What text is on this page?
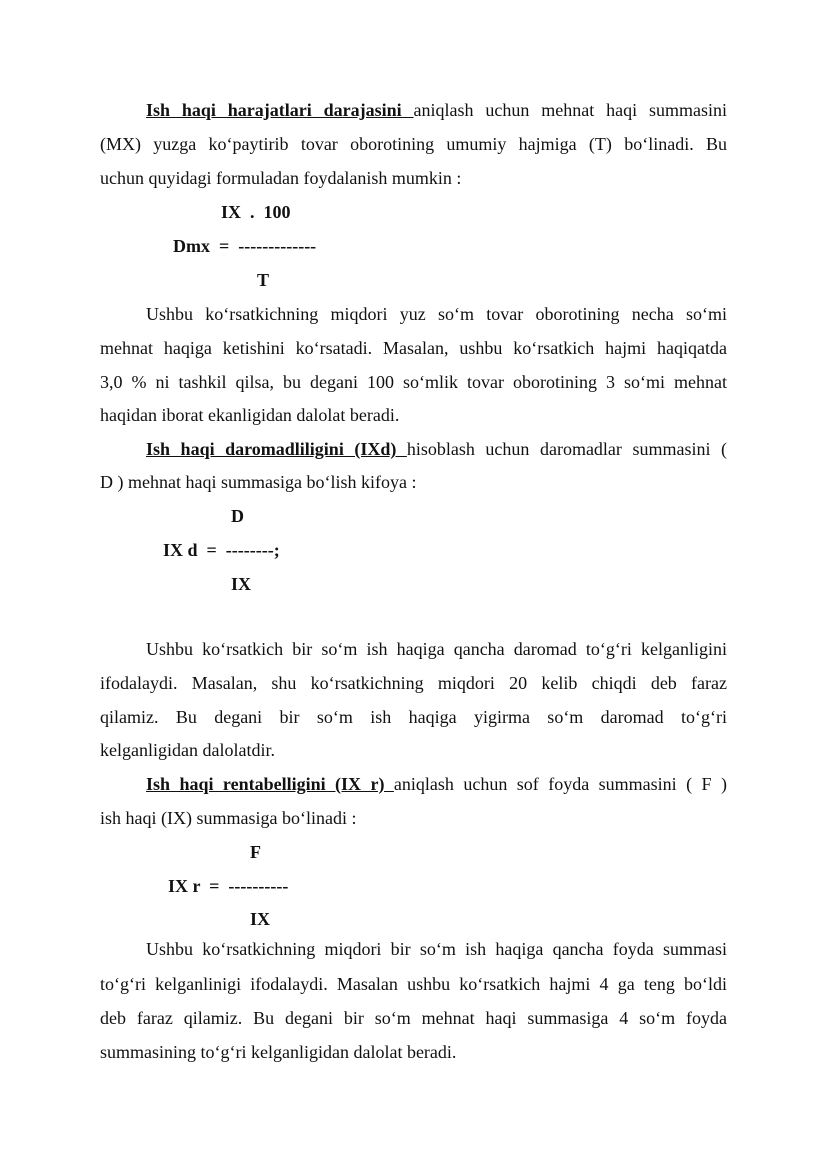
Ish haqi harajatlari darajasini aniqlash uchun mehnat haqi summasini
(MX) yuzga ko‘paytirib tovar oborotining umumiy hajmiga (T) bo‘linadi. Bu
uchun quyidagi formuladan foydalanish mumkin :
IX  .  100
Dmx  =  -------------
T
Ushbu ko‘rsatkichning miqdori yuz so‘m tovar oborotining necha so‘mi
mehnat haqiga ketishini ko‘rsatadi. Masalan, ushbu ko‘rsatkich hajmi haqiqatda
3,0 % ni tashkil qilsa, bu degani 100 so‘mlik tovar oborotining 3 so‘mi mehnat
haqidan iborat ekanligidan dalolat beradi.
Ish haqi daromadliligini (IXd) hisoblash uchun daromadlar summasini (
D ) mehnat haqi summasiga bo‘lish kifoya :
D
IX d  =  --------;
IX
Ushbu ko‘rsatkich bir so‘m ish haqiga qancha daromad to‘g‘ri kelganligini
ifodalaydi. Masalan, shu ko‘rsatkichning miqdori 20 kelib chiqdi deb faraz
qilamiz. Bu degani bir so‘m ish haqiga yigirma so‘m daromad to‘g‘ri
kelganligidan dalolatdir.
Ish haqi rentabelligini (IX r) aniqlash uchun sof foyda summasini ( F )
ish haqi (IX) summasiga bo‘linadi :
F
IX r  =  ----------
IX
Ushbu ko‘rsatkichning miqdori bir so‘m ish haqiga qancha foyda summasi
to‘g‘ri kelganlinigi ifodalaydi. Masalan ushbu ko‘rsatkich hajmi 4 ga teng bo‘ldi
deb faraz qilamiz. Bu degani bir so‘m mehnat haqi summasiga 4 so‘m foyda
summasining to‘g‘ri kelganligidan dalolat beradi.
